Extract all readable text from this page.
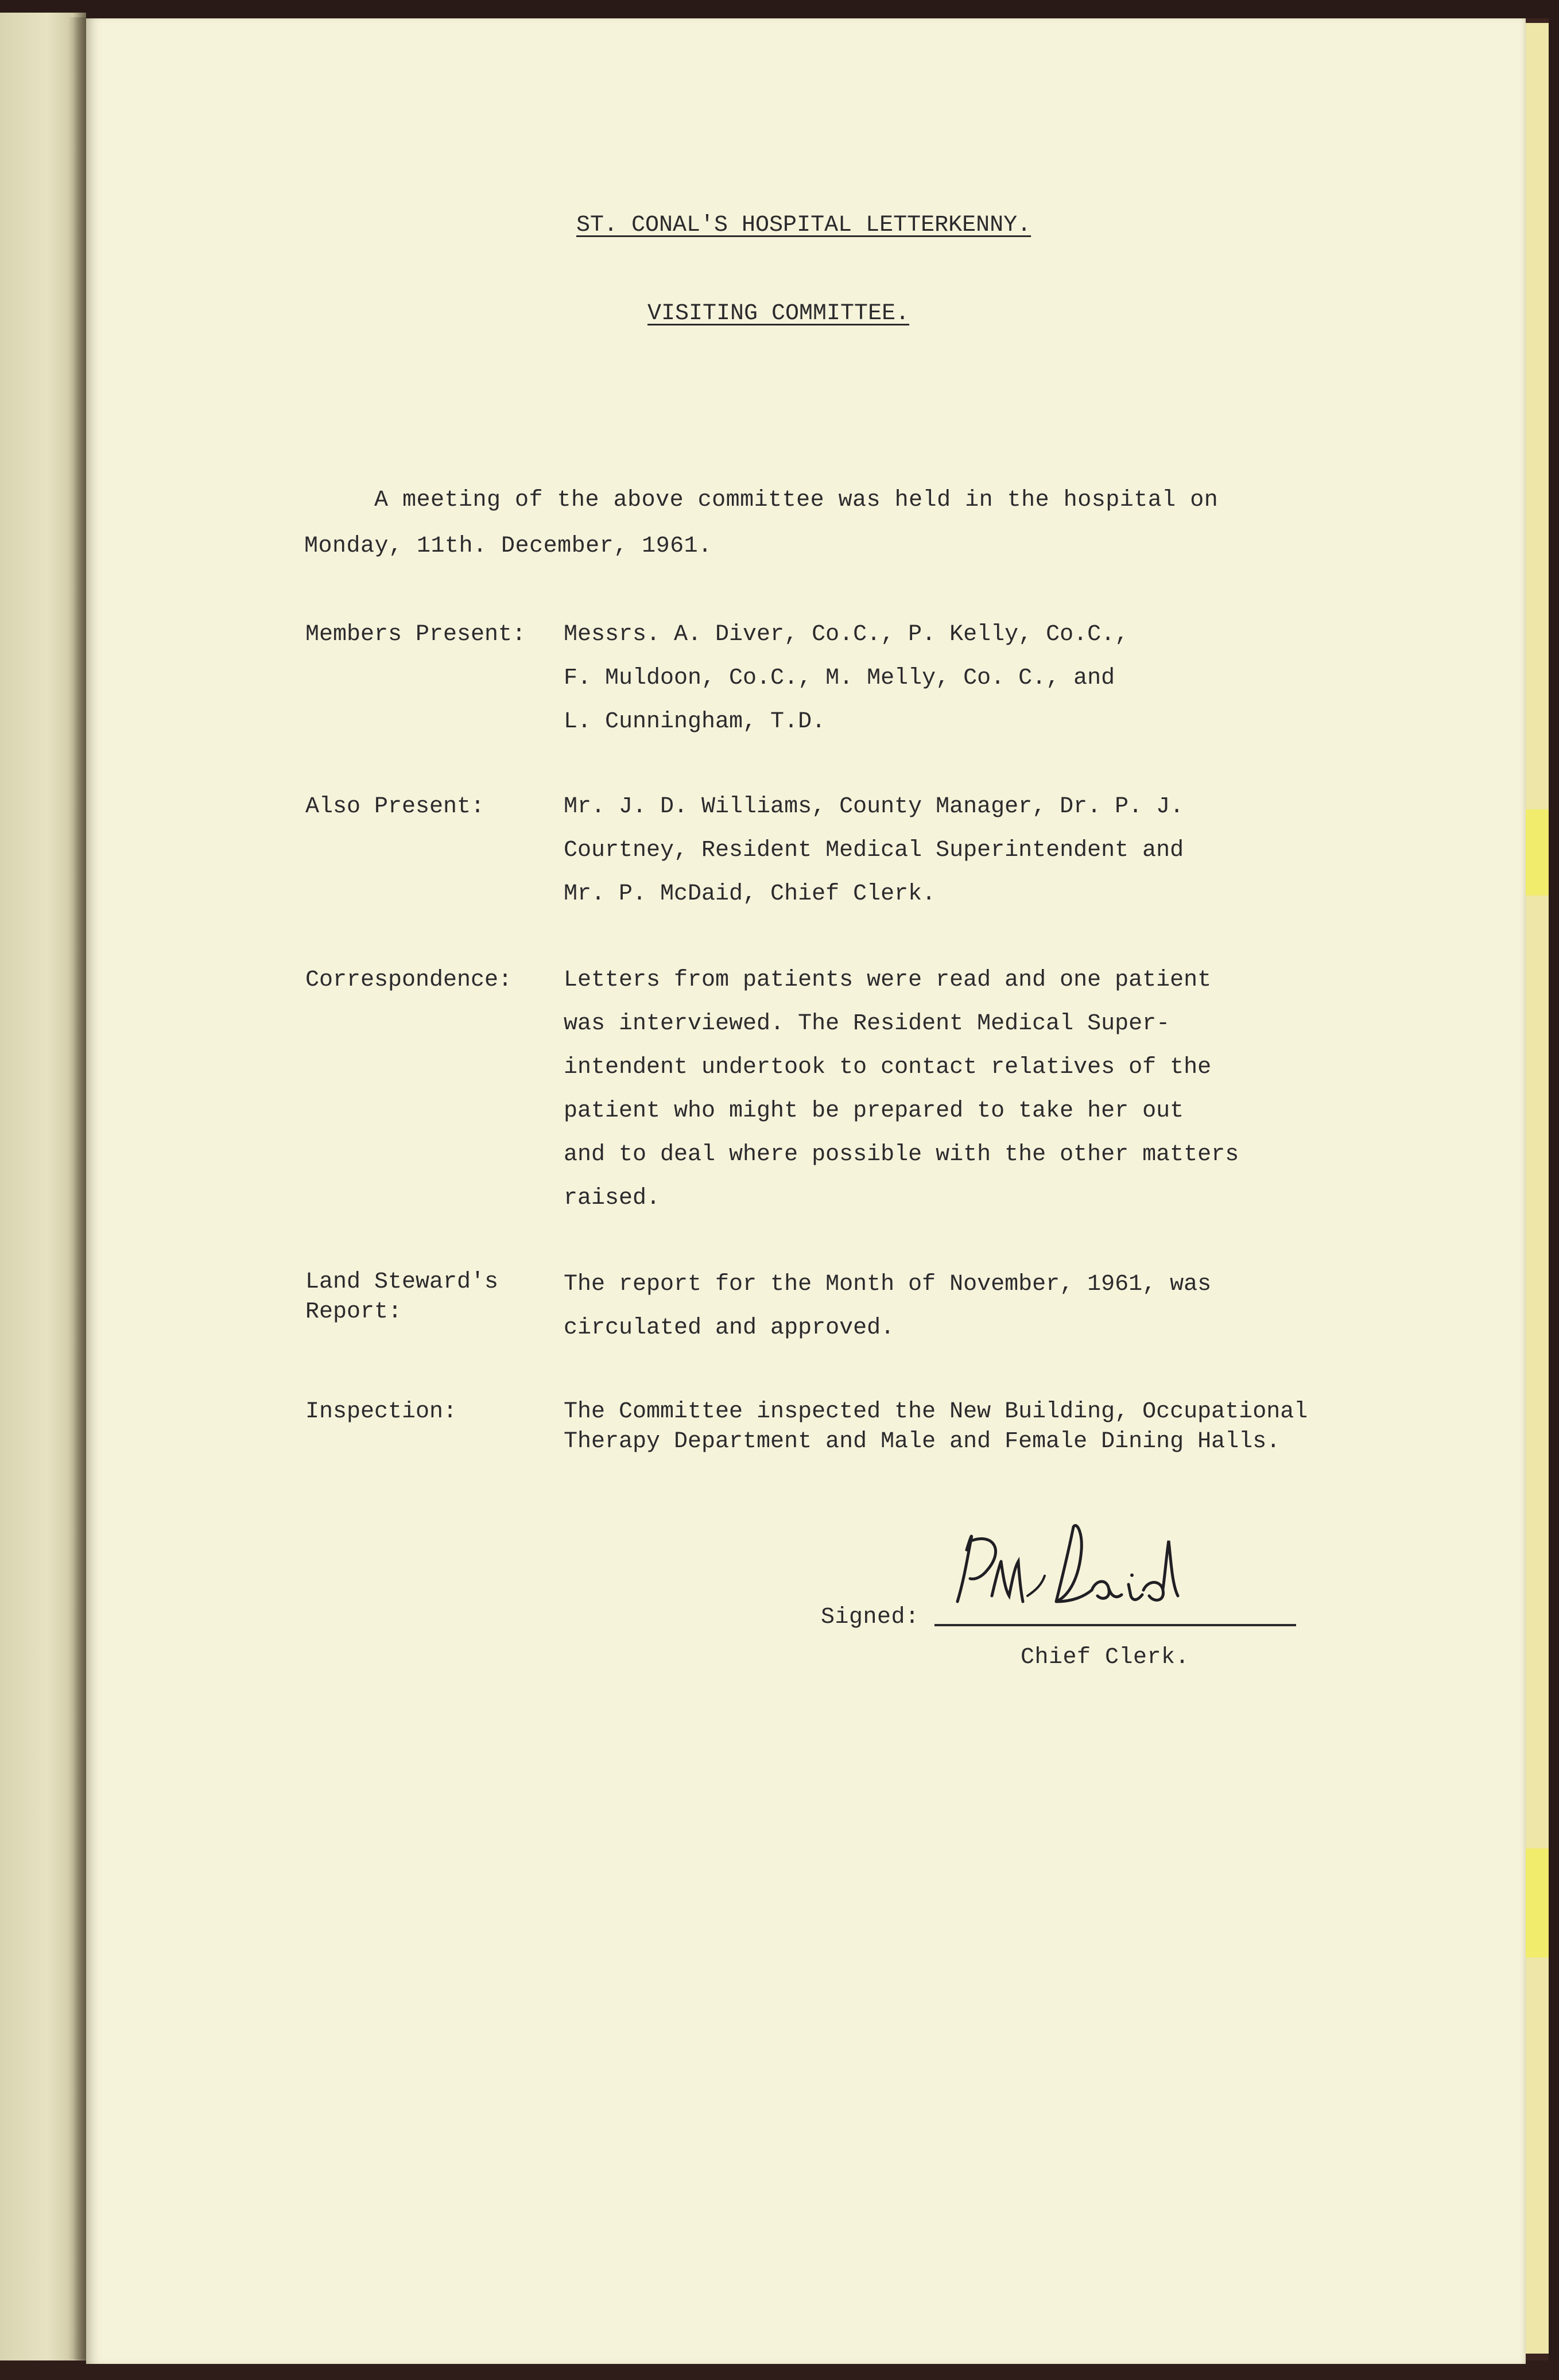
ST. CONAL'S HOSPITAL LETTERKENNY.
VISITING COMMITTEE.
A meeting of the above committee was held in the hospital on
Monday, 11th. December, 1961.
Members Present: Messrs. A. Diver, Co.C., P. Kelly, Co.C.,
F. Muldoon, Co.C., M. Melly, Co. C., and
L. Cunningham, T.D.
Also Present:	Mr. J. D. Williams, County Manager, Dr. P. J.
Courtney, Resident Medical Superintendent and
Mr. P. McDaid, Chief Clerk.
Correspondence: Letters from patients were read and one patient
was interviewed. The Resident Medical Super-
intendent undertook to contact relatives of the
patient who might be prepared to take her out
and to deal where possible with the other matters
raised.
Land Steward's
Report:
The report for the Month of November, 1961, was
circulated and approved.
Inspection:	The Committee inspected the New Building, Occupational
Therapy Department and Male and Female Dining Halls.
Signed:
Chief Clerk.
